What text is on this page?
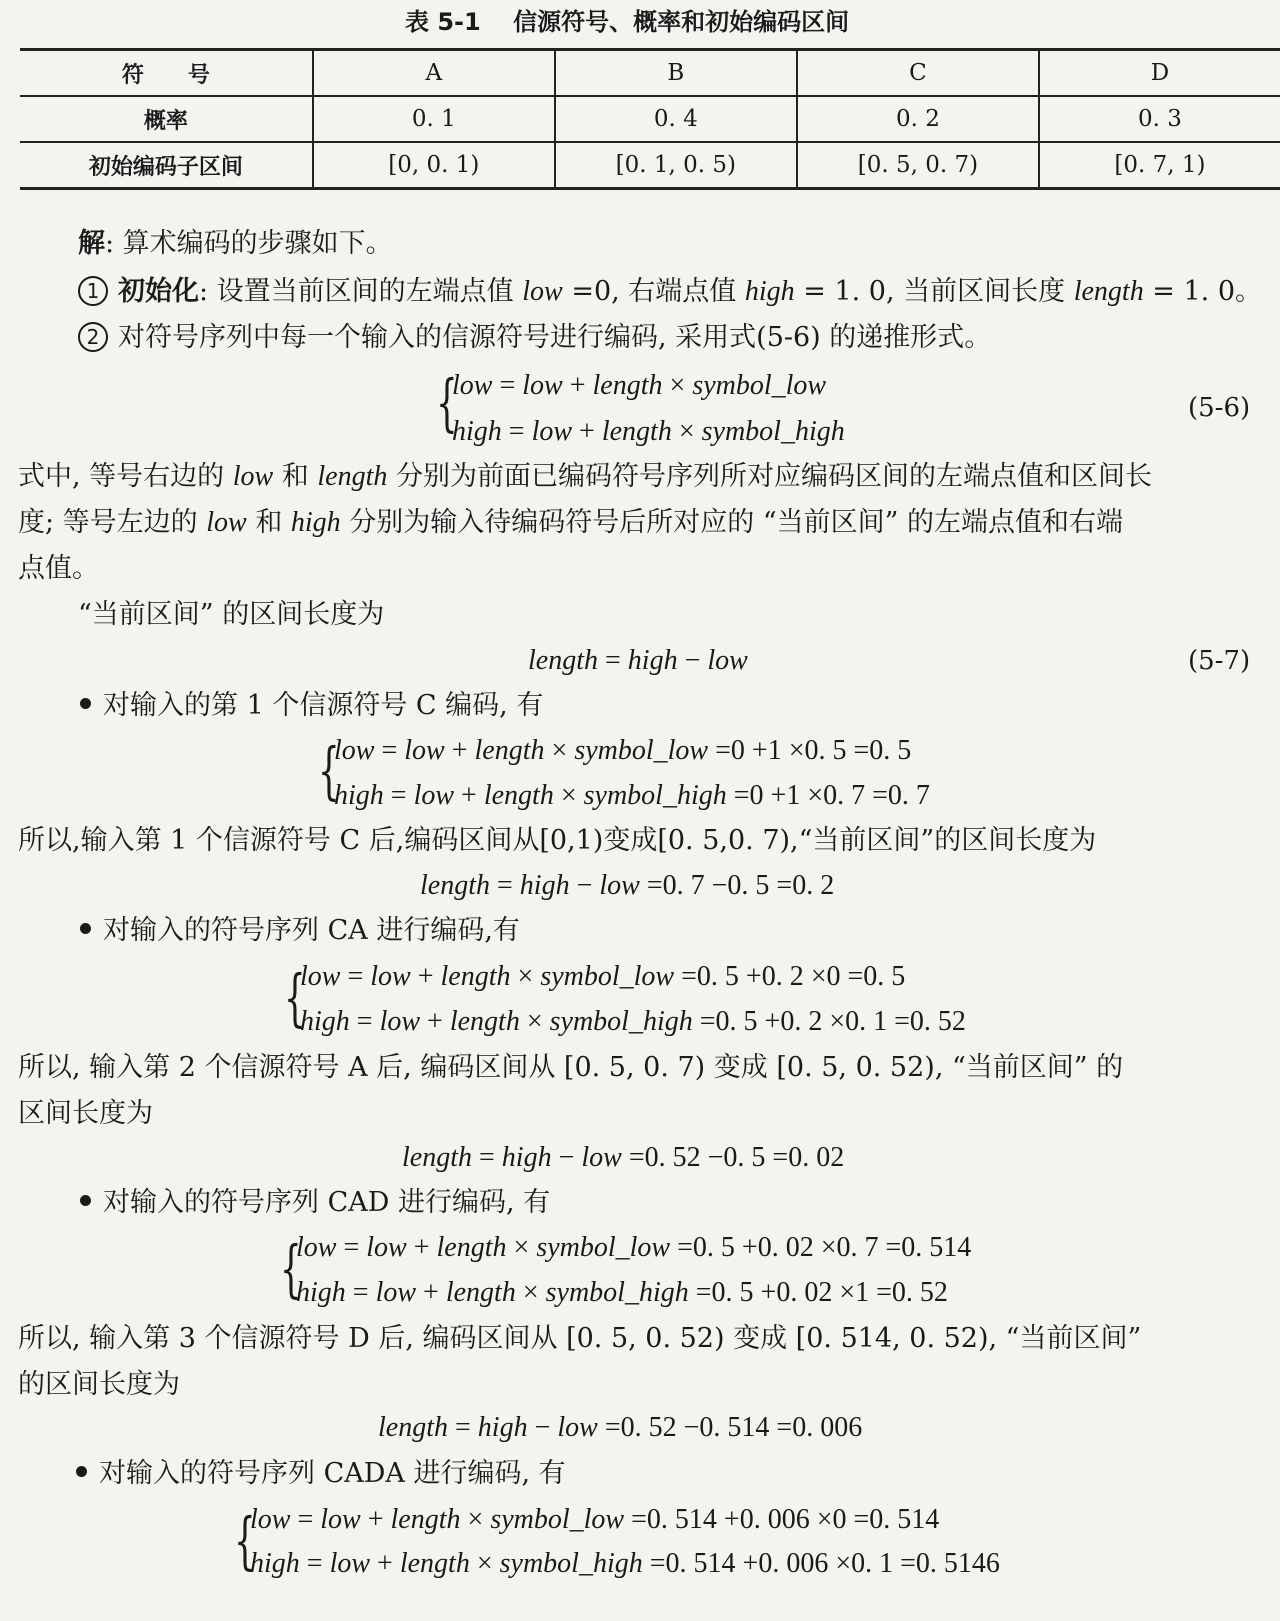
表 5-1　 信源符号、概率和初始编码区间
符　　号	A	B	C	D
概率	0. 1	0. 4	0. 2	0. 3
初始编码子区间	[0, 0. 1)	[0. 1, 0. 5)	[0. 5, 0. 7)	[0. 7, 1)
解: 算术编码的步骤如下。
1 初始化: 设置当前区间的左端点值 low =0, 右端点值 high = 1. 0, 当前区间长度 length = 1. 0。
2 对符号序列中每一个输入的信源符号进行编码, 采用式(5-6) 的递推形式。
{
low = low + length × symbol_low
high = low + length × symbol_high
(5-6)
式中, 等号右边的 low 和 length 分别为前面已编码符号序列所对应编码区间的左端点值和区间长
度; 等号左边的 low 和 high 分别为输入待编码符号后所对应的 “当前区间” 的左端点值和右端
点值。
“当前区间” 的区间长度为
length = high − low	(5-7)
对输入的第 1 个信源符号 C 编码, 有
{
low = low + length × symbol_low =0 +1 ×0. 5 =0. 5
high = low + length × symbol_high =0 +1 ×0. 7 =0. 7
所以,输入第 1 个信源符号 C 后,编码区间从[0,1)变成[0. 5,0. 7),“当前区间”的区间长度为
length = high − low =0. 7 −0. 5 =0. 2
对输入的符号序列 CA 进行编码,有
{
low = low + length × symbol_low =0. 5 +0. 2 ×0 =0. 5
high = low + length × symbol_high =0. 5 +0. 2 ×0. 1 =0. 52
所以, 输入第 2 个信源符号 A 后, 编码区间从 [0. 5, 0. 7) 变成 [0. 5, 0. 52), “当前区间” 的
区间长度为
length = high − low =0. 52 −0. 5 =0. 02
对输入的符号序列 CAD 进行编码, 有
{
low = low + length × symbol_low =0. 5 +0. 02 ×0. 7 =0. 514
high = low + length × symbol_high =0. 5 +0. 02 ×1 =0. 52
所以, 输入第 3 个信源符号 D 后, 编码区间从 [0. 5, 0. 52) 变成 [0. 514, 0. 52), “当前区间”
的区间长度为
length = high − low =0. 52 −0. 514 =0. 006
对输入的符号序列 CADA 进行编码, 有
{
low = low + length × symbol_low =0. 514 +0. 006 ×0 =0. 514
high = low + length × symbol_high =0. 514 +0. 006 ×0. 1 =0. 5146
